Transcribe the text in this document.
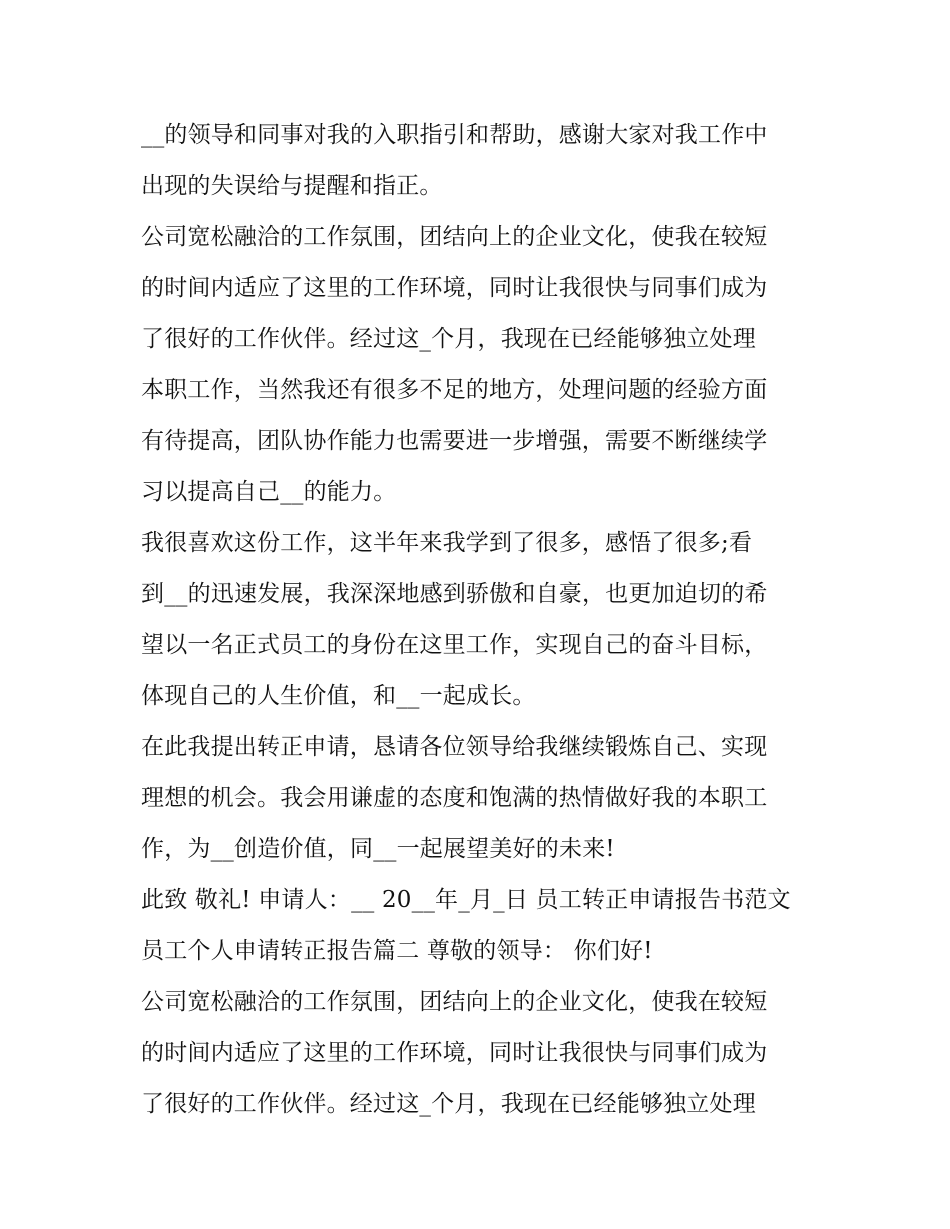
__的领导和同事对我的入职指引和帮助，感谢大家对我工作中
出现的失误给与提醒和指正。
公司宽松融洽的工作氛围，团结向上的企业文化，使我在较短
的时间内适应了这里的工作环境，同时让我很快与同事们成为
了很好的工作伙伴。经过这_个月，我现在已经能够独立处理
本职工作，当然我还有很多不足的地方，处理问题的经验方面
有待提高，团队协作能力也需要进一步增强，需要不断继续学
习以提高自己__的能力。
我很喜欢这份工作，这半年来我学到了很多，感悟了很多;看
到__的迅速发展，我深深地感到骄傲和自豪，也更加迫切的希
望以一名正式员工的身份在这里工作，实现自己的奋斗目标，
体现自己的人生价值，和__一起成长。
在此我提出转正申请，恳请各位领导给我继续锻炼自己、实现
理想的机会。我会用谦虚的态度和饱满的热情做好我的本职工
作，为__创造价值，同__一起展望美好的未来!
此致 敬礼! 申请人：__ 20__年_月_日 员工转正申请报告书范文
员工个人申请转正报告篇二 尊敬的领导： 你们好!
公司宽松融洽的工作氛围，团结向上的企业文化，使我在较短
的时间内适应了这里的工作环境，同时让我很快与同事们成为
了很好的工作伙伴。经过这_个月，我现在已经能够独立处理
